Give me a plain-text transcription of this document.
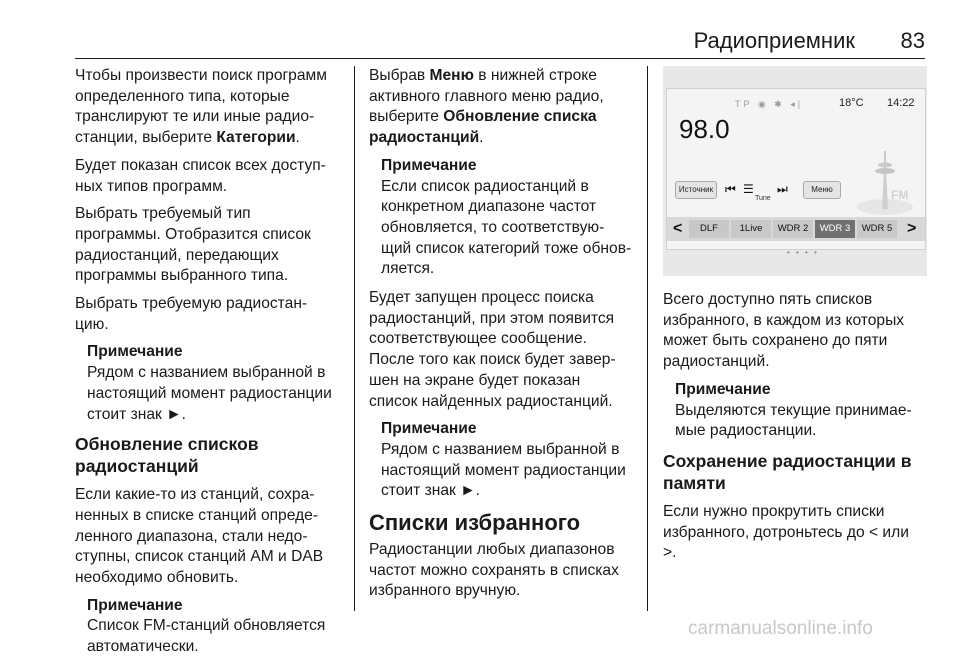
Радиоприемник 83

Чтобы произвести поиск программ
определенного типа, которые
транслируют те или иные радио-
станции, выберите Категории.

Будет показан список всех доступ-
ных типов программ.

Выбрать требуемый тип
программы. Отобразится список
радиостанций, передающих
программы выбранного типа.

Выбрать требуемую радиостан-
цию.

Примечание
Рядом с названием выбранной в
настоящий момент радиостанции
стоит знак ►.
Обновление списков
радиостанций

Если какие-то из станций, сохра-
ненных в списке станций опреде-
ленного диапазона, стали недо-
ступны, список станций AM и DAB
необходимо обновить.

Примечание
Список FM-станций обновляется
автоматически.

Выбрав Меню в нижней строке
активного главного меню радио,
выберите Обновление списка
радиостанций.

Примечание
Если список радиостанций в
конкретном диапазоне частот
обновляется, то соответствую-
щий список категорий тоже обнов-
ляется.

Будет запущен процесс поиска
радиостанций, при этом появится
соответствующее сообщение.
После того как поиск будет завер-
шен на экране будет показан
список найденных радиостанций.

Примечание
Рядом с названием выбранной в
настоящий момент радиостанции
стоит знак ►.
Списки избранного

Радиостанции любых диапазонов
частот можно сохранять в списках
избранного вручную.

TP ◉ ✱ ◂|	18°C 14:22
98.0
Источник ⏮ ☰
Tune
⏭	Меню	FM
<	DLF	1Live	WDR 2	WDR 3	WDR 5 >
• • • •

Всего доступно пять списков
избранного, в каждом из которых
может быть сохранено до пяти
радиостанций.

Примечание
Выделяются текущие принимае-
мые радиостанции.
Сохранение радиостанции в
памяти

Если нужно прокрутить списки
избранного, дотроньтесь до < или
>.

carmanualsonline.info
